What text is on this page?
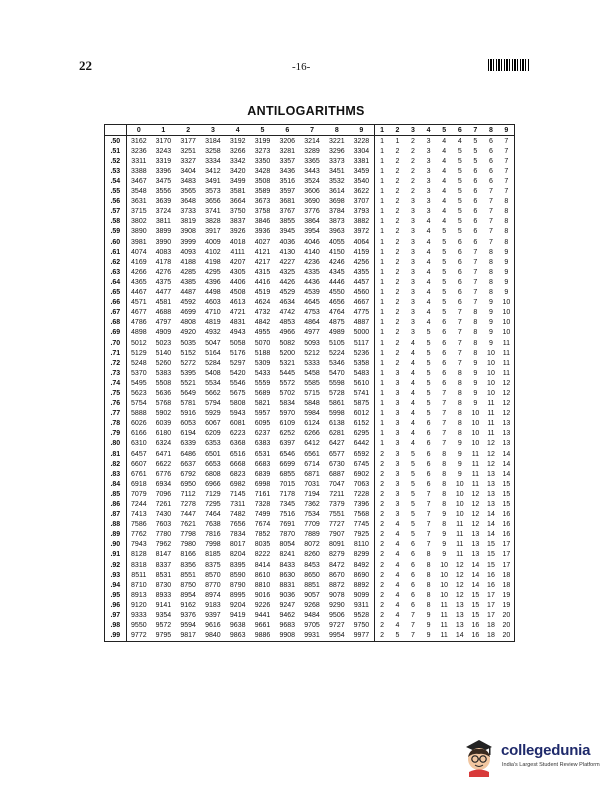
22	-16-
ANTILOGARITHMS
	0	1	2	3	4	5	6	7	8	9	1	2	3	4	5	6	7	8	9
.50	3162	3170	3177	3184	3192	3199	3206	3214	3221	3228	1	1	2	3	4	4	5	6	7
.51	3236	3243	3251	3258	3266	3273	3281	3289	3296	3304	1	2	2	3	4	5	5	6	7
.52	3311	3319	3327	3334	3342	3350	3357	3365	3373	3381	1	2	2	3	4	5	5	6	7
.53	3388	3396	3404	3412	3420	3428	3436	3443	3451	3459	1	2	2	3	4	5	6	6	7
.54	3467	3475	3483	3491	3499	3508	3516	3524	3532	3540	1	2	2	3	4	5	6	6	7
.55	3548	3556	3565	3573	3581	3589	3597	3606	3614	3622	1	2	2	3	4	5	6	7	7
.56	3631	3639	3648	3656	3664	3673	3681	3690	3698	3707	1	2	3	3	4	5	6	7	8
.57	3715	3724	3733	3741	3750	3758	3767	3776	3784	3793	1	2	3	3	4	5	6	7	8
.58	3802	3811	3819	3828	3837	3846	3855	3864	3873	3882	1	2	3	4	4	5	6	7	8
.59	3890	3899	3908	3917	3926	3936	3945	3954	3963	3972	1	2	3	4	5	5	6	7	8
.60	3981	3990	3999	4009	4018	4027	4036	4046	4055	4064	1	2	3	4	5	6	6	7	8
.61	4074	4083	4093	4102	4111	4121	4130	4140	4150	4159	1	2	3	4	5	6	7	8	9
.62	4169	4178	4188	4198	4207	4217	4227	4236	4246	4256	1	2	3	4	5	6	7	8	9
.63	4266	4276	4285	4295	4305	4315	4325	4335	4345	4355	1	2	3	4	5	6	7	8	9
.64	4365	4375	4385	4396	4406	4416	4426	4436	4446	4457	1	2	3	4	5	6	7	8	9
.65	4467	4477	4487	4498	4508	4519	4529	4539	4550	4560	1	2	3	4	5	6	7	8	9
.66	4571	4581	4592	4603	4613	4624	4634	4645	4656	4667	1	2	3	4	5	6	7	9	10
.67	4677	4688	4699	4710	4721	4732	4742	4753	4764	4775	1	2	3	4	5	7	8	9	10
.68	4786	4797	4808	4819	4831	4842	4853	4864	4875	4887	1	2	3	4	6	7	8	9	10
.69	4898	4909	4920	4932	4943	4955	4966	4977	4989	5000	1	2	3	5	6	7	8	9	10
.70	5012	5023	5035	5047	5058	5070	5082	5093	5105	5117	1	2	4	5	6	7	8	9	11
.71	5129	5140	5152	5164	5176	5188	5200	5212	5224	5236	1	2	4	5	6	7	8	10	11
.72	5248	5260	5272	5284	5297	5309	5321	5333	5346	5358	1	2	4	5	6	7	9	10	11
.73	5370	5383	5395	5408	5420	5433	5445	5458	5470	5483	1	3	4	5	6	8	9	10	11
.74	5495	5508	5521	5534	5546	5559	5572	5585	5598	5610	1	3	4	5	6	8	9	10	12
.75	5623	5636	5649	5662	5675	5689	5702	5715	5728	5741	1	3	4	5	7	8	9	10	12
.76	5754	5768	5781	5794	5808	5821	5834	5848	5861	5875	1	3	4	5	7	8	9	11	12
.77	5888	5902	5916	5929	5943	5957	5970	5984	5998	6012	1	3	4	5	7	8	10	11	12
.78	6026	6039	6053	6067	6081	6095	6109	6124	6138	6152	1	3	4	6	7	8	10	11	13
.79	6166	6180	6194	6209	6223	6237	6252	6266	6281	6295	1	3	4	6	7	8	10	11	13
.80	6310	6324	6339	6353	6368	6383	6397	6412	6427	6442	1	3	4	6	7	9	10	12	13
.81	6457	6471	6486	6501	6516	6531	6546	6561	6577	6592	2	3	5	6	8	9	11	12	14
.82	6607	6622	6637	6653	6668	6683	6699	6714	6730	6745	2	3	5	6	8	9	11	12	14
.83	6761	6776	6792	6808	6823	6839	6855	6871	6887	6902	2	3	5	6	8	9	11	13	14
.84	6918	6934	6950	6966	6982	6998	7015	7031	7047	7063	2	3	5	6	8	10	11	13	15
.85	7079	7096	7112	7129	7145	7161	7178	7194	7211	7228	2	3	5	7	8	10	12	13	15
.86	7244	7261	7278	7295	7311	7328	7345	7362	7379	7396	2	3	5	7	8	10	12	13	15
.87	7413	7430	7447	7464	7482	7499	7516	7534	7551	7568	2	3	5	7	9	10	12	14	16
.88	7586	7603	7621	7638	7656	7674	7691	7709	7727	7745	2	4	5	7	8	11	12	14	16
.89	7762	7780	7798	7816	7834	7852	7870	7889	7907	7925	2	4	5	7	9	11	13	14	16
.90	7943	7962	7980	7998	8017	8035	8054	8072	8091	8110	2	4	6	7	9	11	13	15	17
.91	8128	8147	8166	8185	8204	8222	8241	8260	8279	8299	2	4	6	8	9	11	13	15	17
.92	8318	8337	8356	8375	8395	8414	8433	8453	8472	8492	2	4	6	8	10	12	14	15	17
.93	8511	8531	8551	8570	8590	8610	8630	8650	8670	8690	2	4	6	8	10	12	14	16	18
.94	8710	8730	8750	8770	8790	8810	8831	8851	8872	8892	2	4	6	8	10	12	14	16	18
.95	8913	8933	8954	8974	8995	9016	9036	9057	9078	9099	2	4	6	8	10	12	15	17	19
.96	9120	9141	9162	9183	9204	9226	9247	9268	9290	9311	2	4	6	8	11	13	15	17	19
.97	9333	9354	9376	9397	9419	9441	9462	9484	9506	9528	2	4	7	9	11	13	15	17	20
.98	9550	9572	9594	9616	9638	9661	9683	9705	9727	9750	2	4	7	9	11	13	16	18	20
.99	9772	9795	9817	9840	9863	9886	9908	9931	9954	9977	2	5	7	9	11	14	16	18	20
collegedunia
India's Largest Student Review Platform
